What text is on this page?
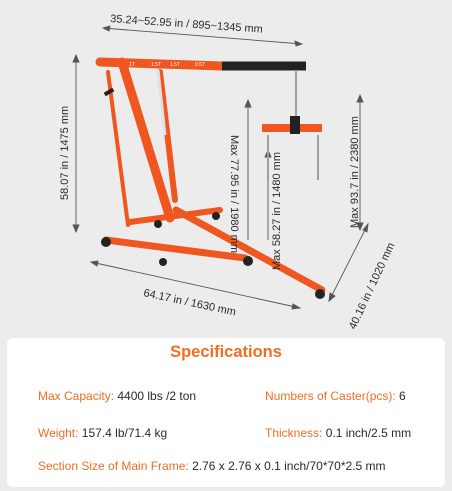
35.24~52.95 in / 895~1345 mm
58.07 in / 1475 mm	Max 77.95 in / 1980 mm	Max 58.27 in / 1480 mm	Max 93.7 in / 2380 mm
64.17 in / 1630 mm	40.16 in / 1020 mm
1T	1.5T 1.5T	0.5T
Specifications
Max Capacity: 4400 lbs /2 ton	Numbers of Caster(pcs): 6
Weight: 157.4 lb/71.4 kg	Thickness: 0.1 inch/2.5 mm
Section Size of Main Frame: 2.76 x 2.76 x 0.1 inch/70*70*2.5 mm
